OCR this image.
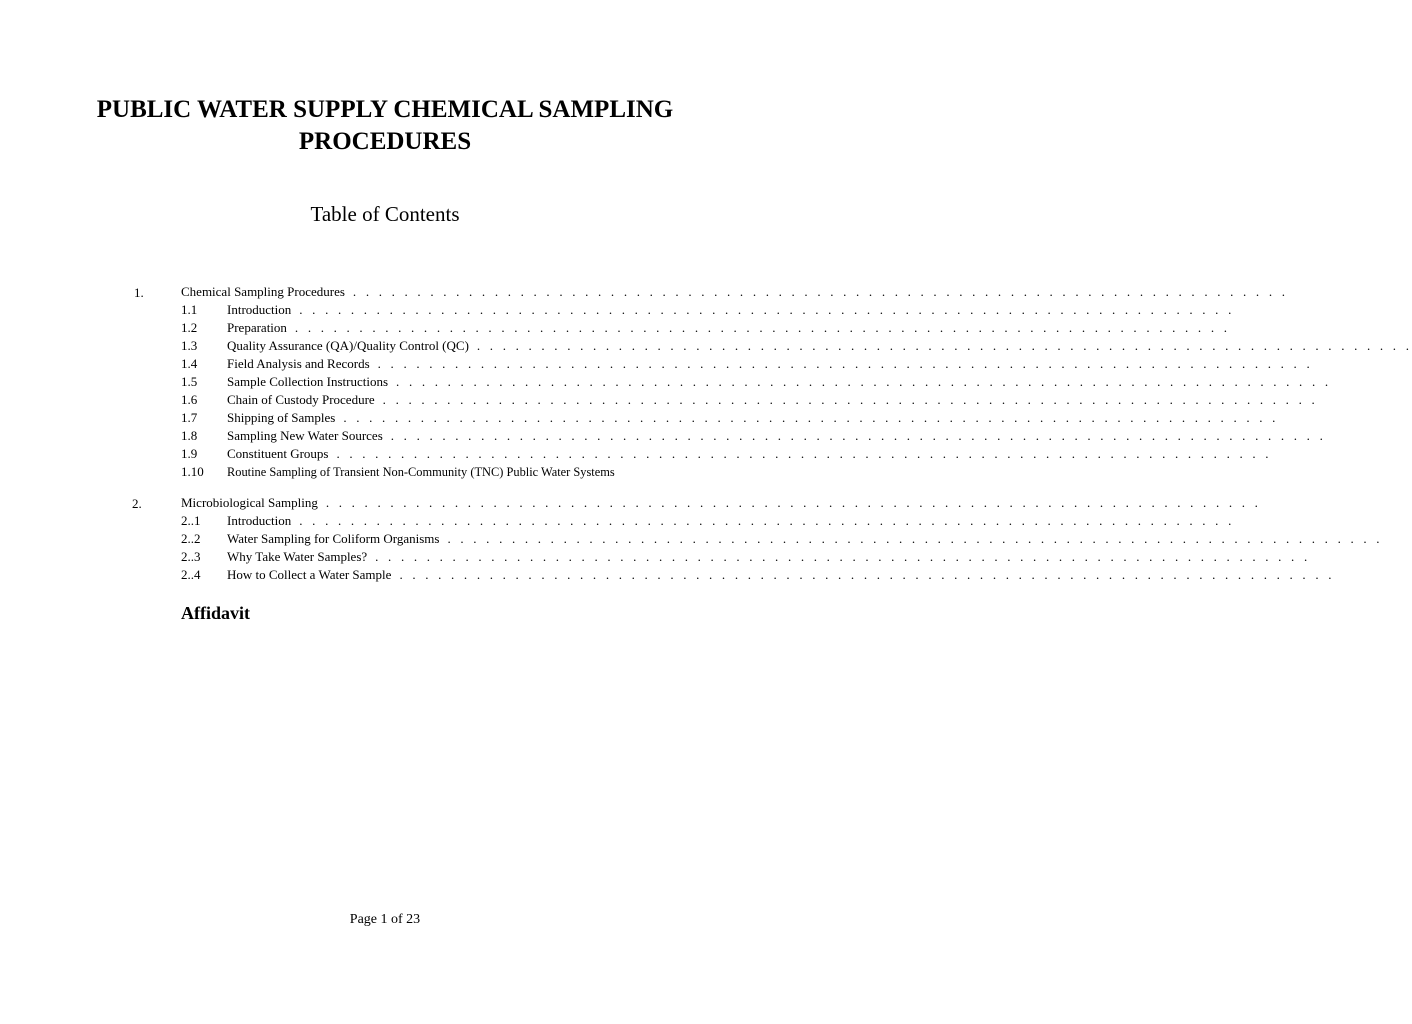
PUBLIC WATER SUPPLY CHEMICAL SAMPLING
PROCEDURES
Table of Contents
1.	Chemical Sampling Procedures . . . . . . . . . . . . . . . . . . . . . . . . . . . . . . . . . . . . . . . . . . . . . . . . . . . . . . . . . . . . . . . . . . . . . . . . .
1.1	Introduction . . . . . . . . . . . . . . . . . . . . . . . . . . . . . . . . . . . . . . . . . . . . . . . . . . . . . . . . . . . . . . . . . . . . . . . . .
1.2	Preparation . . . . . . . . . . . . . . . . . . . . . . . . . . . . . . . . . . . . . . . . . . . . . . . . . . . . . . . . . . . . . . . . . . . . . . . . .
1.3	Quality Assurance (QA)/Quality Control (QC) . . . . . . . . . . . . . . . . . . . . . . . . . . . . . . . . . . . . . . . . . . . . . . . . . . . . . . . . . . . . . . . . . . . . . . . . .
1.4	Field Analysis and Records . . . . . . . . . . . . . . . . . . . . . . . . . . . . . . . . . . . . . . . . . . . . . . . . . . . . . . . . . . . . . . . . . . . . . . . . .
1.5	Sample Collection Instructions . . . . . . . . . . . . . . . . . . . . . . . . . . . . . . . . . . . . . . . . . . . . . . . . . . . . . . . . . . . . . . . . . . . . . . . . .
1.6	Chain of Custody Procedure . . . . . . . . . . . . . . . . . . . . . . . . . . . . . . . . . . . . . . . . . . . . . . . . . . . . . . . . . . . . . . . . . . . . . . . . .
1.7	Shipping of Samples . . . . . . . . . . . . . . . . . . . . . . . . . . . . . . . . . . . . . . . . . . . . . . . . . . . . . . . . . . . . . . . . . . . . . . . . .
1.8	Sampling New Water Sources . . . . . . . . . . . . . . . . . . . . . . . . . . . . . . . . . . . . . . . . . . . . . . . . . . . . . . . . . . . . . . . . . . . . . . . . .
1.9	Constituent Groups . . . . . . . . . . . . . . . . . . . . . . . . . . . . . . . . . . . . . . . . . . . . . . . . . . . . . . . . . . . . . . . . . . . . . . . . .
1.10	Routine Sampling of Transient Non-Community (TNC) Public Water Systems
2.	Microbiological Sampling . . . . . . . . . . . . . . . . . . . . . . . . . . . . . . . . . . . . . . . . . . . . . . . . . . . . . . . . . . . . . . . . . . . . . . . . .
2..1	Introduction . . . . . . . . . . . . . . . . . . . . . . . . . . . . . . . . . . . . . . . . . . . . . . . . . . . . . . . . . . . . . . . . . . . . . . . . .
2..2	Water Sampling for Coliform Organisms . . . . . . . . . . . . . . . . . . . . . . . . . . . . . . . . . . . . . . . . . . . . . . . . . . . . . . . . . . . . . . . . . . . . . . . . .
2..3	Why Take Water Samples? . . . . . . . . . . . . . . . . . . . . . . . . . . . . . . . . . . . . . . . . . . . . . . . . . . . . . . . . . . . . . . . . . . . . . . . . .
2..4	How to Collect a Water Sample . . . . . . . . . . . . . . . . . . . . . . . . . . . . . . . . . . . . . . . . . . . . . . . . . . . . . . . . . . . . . . . . . . . . . . . . .
Affidavit
Page 1 of 23
